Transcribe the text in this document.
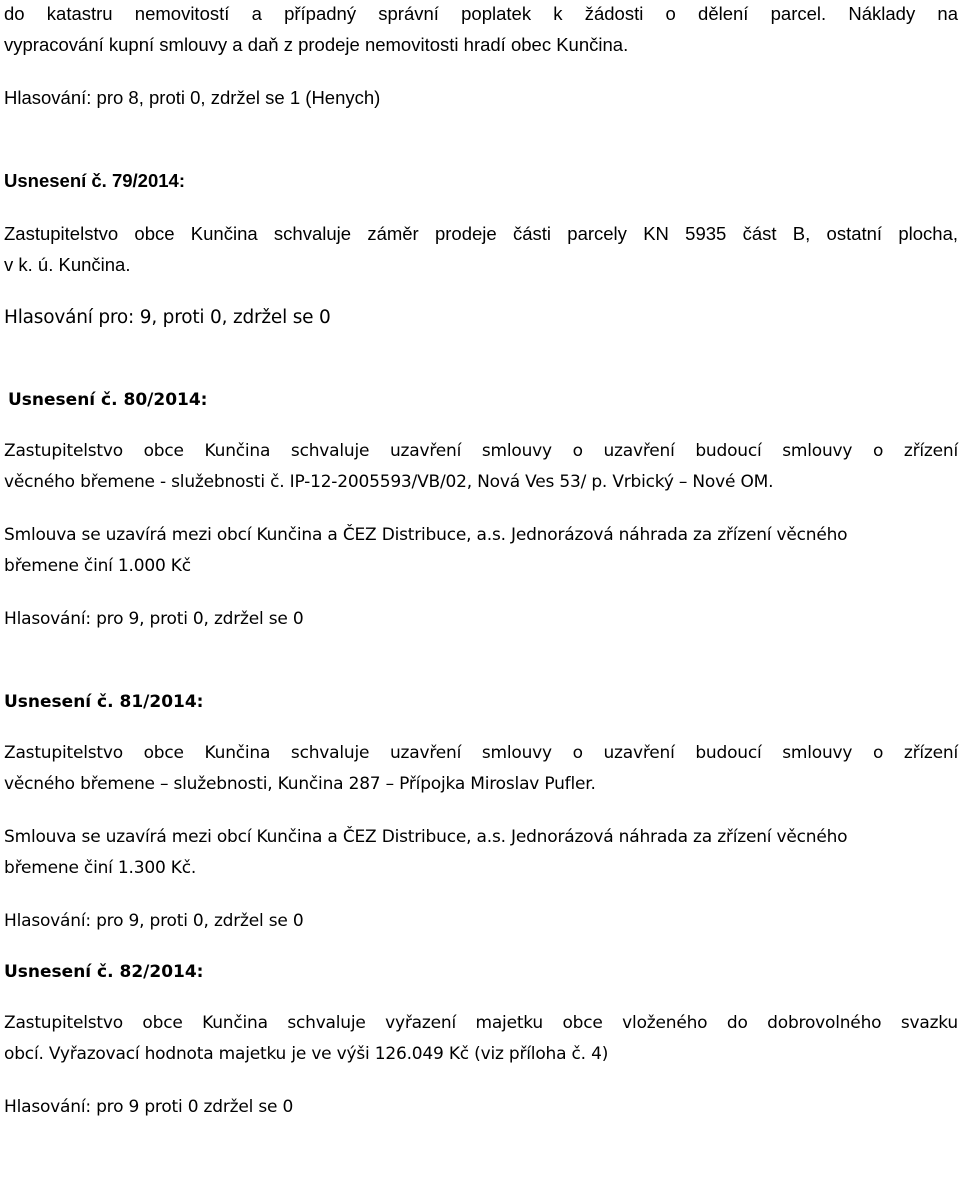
do katastru nemovitostí a případný správní poplatek k žádosti o dělení parcel. Náklady na

vypracování kupní smlouvy a daň z prodeje nemovitosti hradí obec Kunčina.

Hlasování: pro 8, proti 0, zdržel se 1 (Henych)

Usnesení č. 79/2014:

Zastupitelstvo obce Kunčina schvaluje záměr prodeje části parcely KN 5935 část B, ostatní plocha,

v k. ú. Kunčina.

Hlasování pro: 9, proti 0, zdržel se 0

Usnesení č. 80/2014:

Zastupitelstvo obce Kunčina schvaluje uzavření smlouvy o uzavření budoucí smlouvy o zřízení

věcného břemene - služebnosti č. IP-12-2005593/VB/02, Nová Ves 53/ p. Vrbický – Nové OM.

Smlouva se uzavírá mezi obcí Kunčina a ČEZ Distribuce, a.s. Jednorázová náhrada za zřízení věcného

břemene činí 1.000 Kč

Hlasování: pro 9, proti 0, zdržel se 0

Usnesení č. 81/2014:

Zastupitelstvo obce Kunčina schvaluje uzavření smlouvy o uzavření budoucí smlouvy o zřízení

věcného břemene – služebnosti, Kunčina 287 – Přípojka Miroslav Pufler.

Smlouva se uzavírá mezi obcí Kunčina a ČEZ Distribuce, a.s. Jednorázová náhrada za zřízení věcného

břemene činí 1.300 Kč.

Hlasování: pro 9, proti 0, zdržel se 0

Usnesení č. 82/2014:

Zastupitelstvo obce Kunčina schvaluje vyřazení majetku obce vloženého do dobrovolného svazku

obcí. Vyřazovací hodnota majetku je ve výši 126.049 Kč (viz příloha č. 4)

Hlasování: pro 9 proti 0 zdržel se 0
